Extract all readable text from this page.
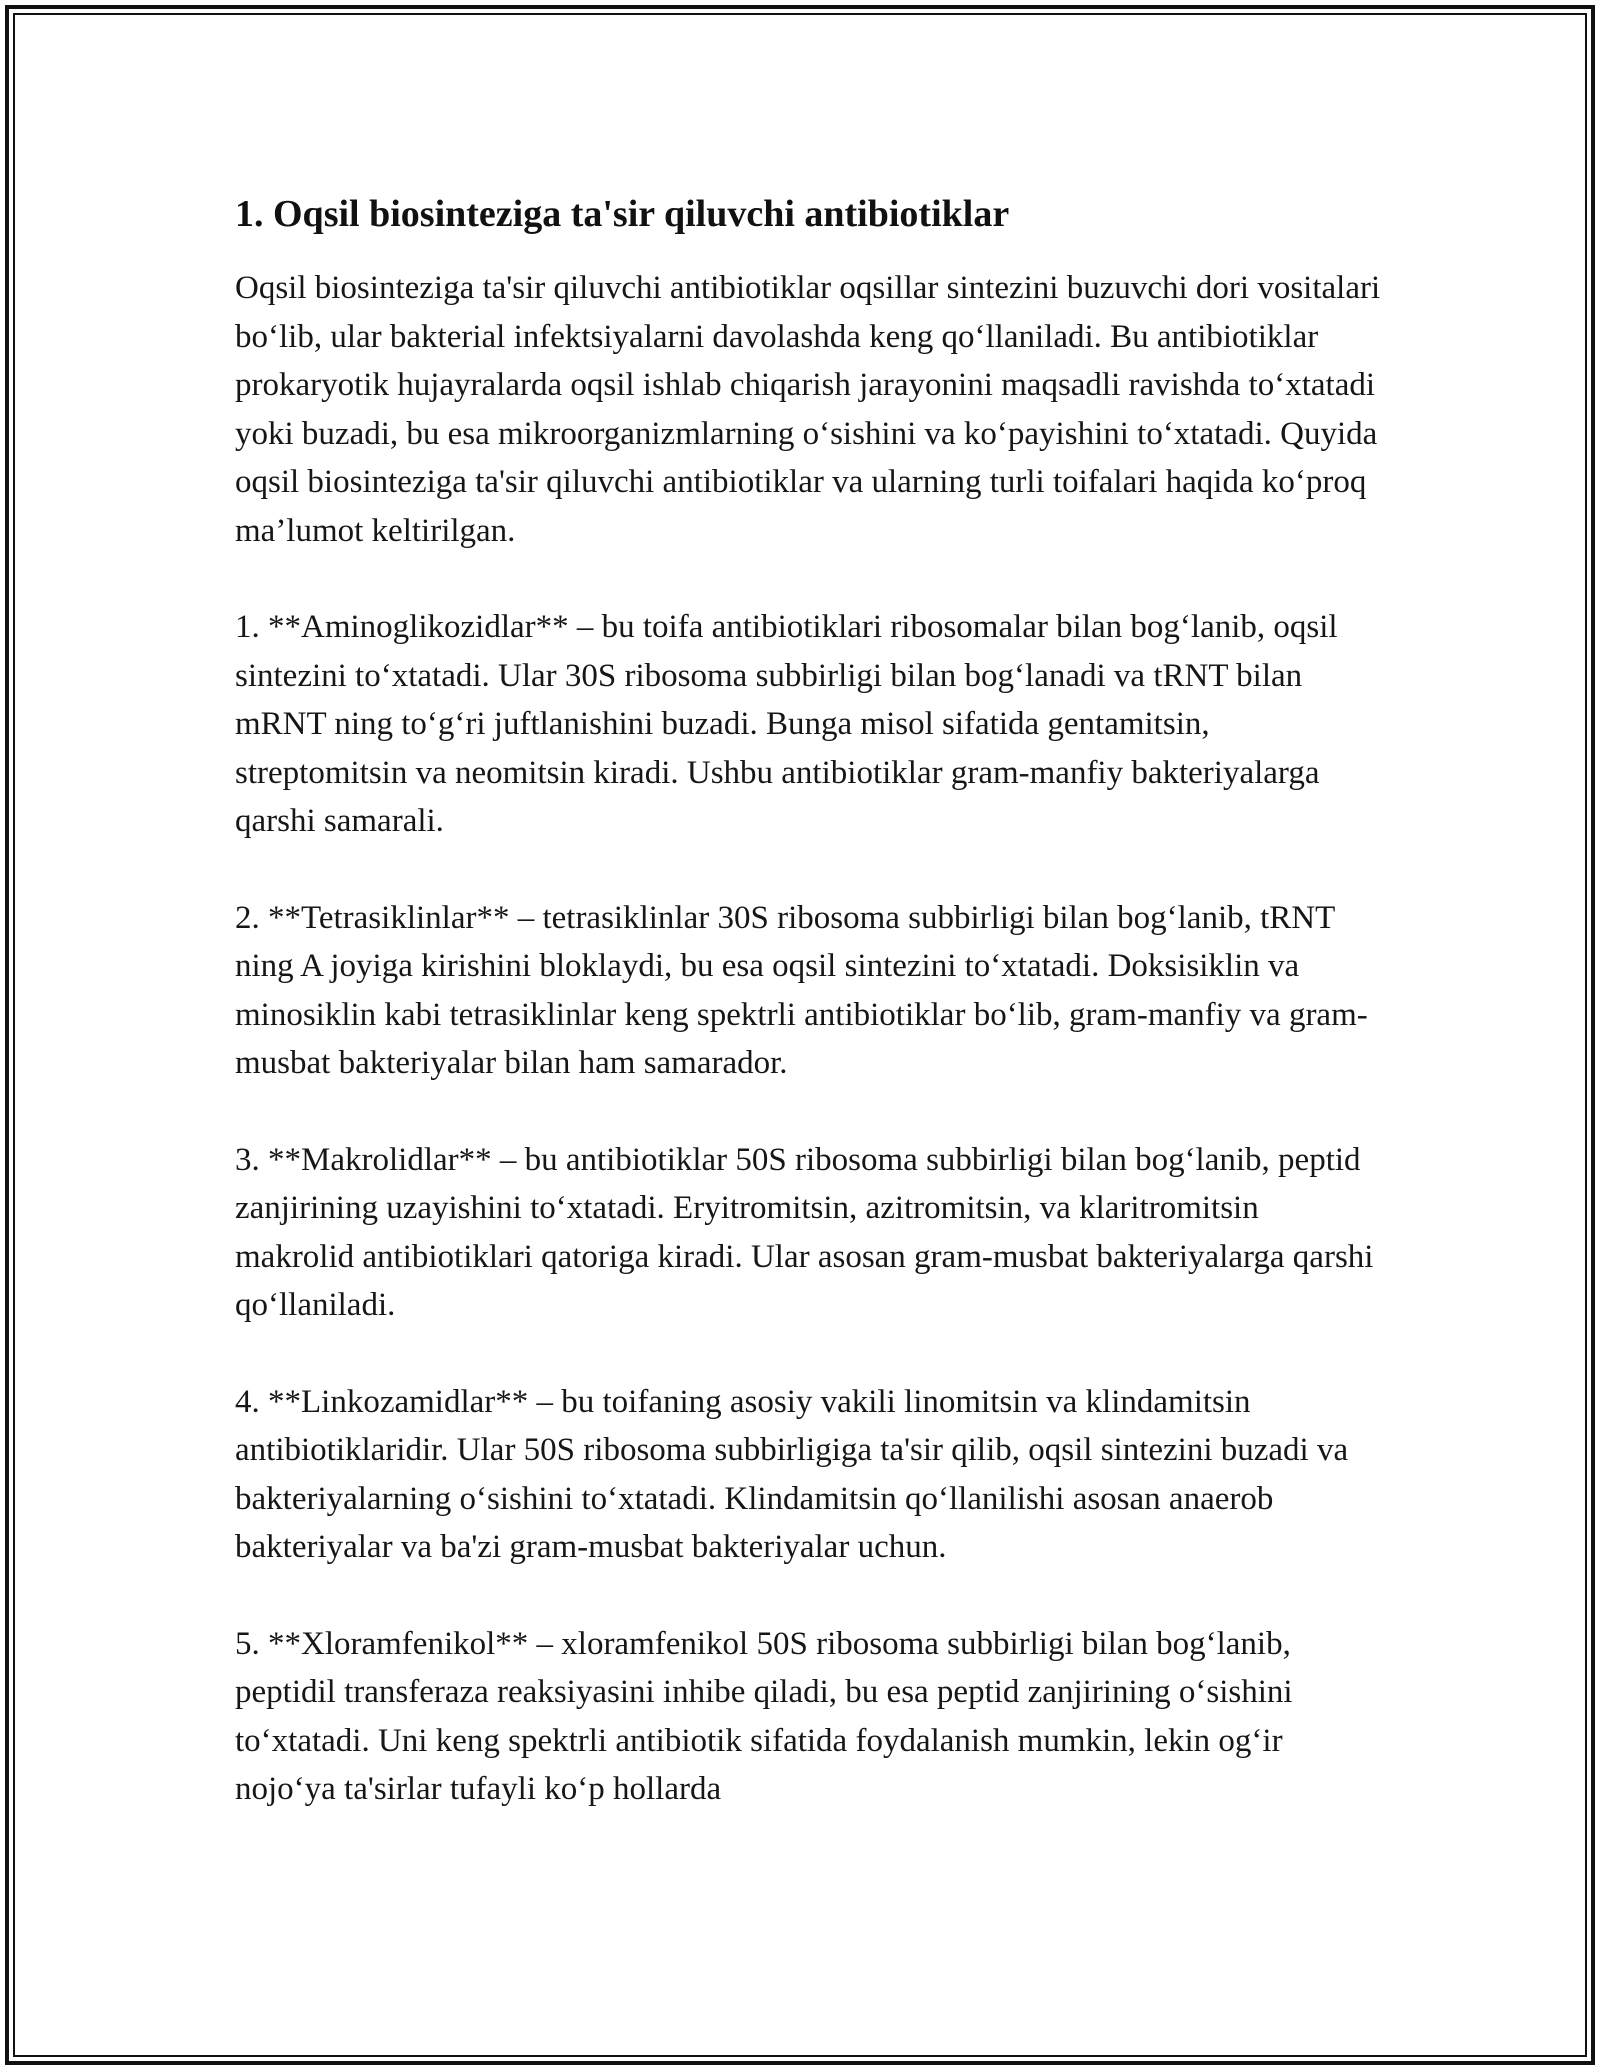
1. Oqsil biosinteziga ta'sir qiluvchi antibiotiklar

Oqsil biosinteziga ta'sir qiluvchi antibiotiklar oqsillar sintezini buzuvchi dori vositalari bo‘lib, ular bakterial infektsiyalarni davolashda keng qo‘llaniladi. Bu antibiotiklar prokaryotik hujayralarda oqsil ishlab chiqarish jarayonini maqsadli ravishda to‘xtatadi yoki buzadi, bu esa mikroorganizmlarning o‘sishini va ko‘payishini to‘xtatadi. Quyida oqsil biosinteziga ta'sir qiluvchi antibiotiklar va ularning turli toifalari haqida ko‘proq ma’lumot keltirilgan.

1. **Aminoglikozidlar** – bu toifa antibiotiklari ribosomalar bilan bog‘lanib, oqsil sintezini to‘xtatadi. Ular 30S ribosoma subbirligi bilan bog‘lanadi va tRNT bilan mRNT ning to‘g‘ri juftlanishini buzadi. Bunga misol sifatida gentamitsin, streptomitsin va neomitsin kiradi. Ushbu antibiotiklar gram-manfiy bakteriyalarga qarshi samarali.

2. **Tetrasiklinlar** – tetrasiklinlar 30S ribosoma subbirligi bilan bog‘lanib, tRNT ning A joyiga kirishini bloklaydi, bu esa oqsil sintezini to‘xtatadi. Doksisiklin va minosiklin kabi tetrasiklinlar keng spektrli antibiotiklar bo‘lib, gram-manfiy va gram-musbat bakteriyalar bilan ham samarador.

3. **Makrolidlar** – bu antibiotiklar 50S ribosoma subbirligi bilan bog‘lanib, peptid zanjirining uzayishini to‘xtatadi. Eryitromitsin, azitromitsin, va klaritromitsin makrolid antibiotiklari qatoriga kiradi. Ular asosan gram-musbat bakteriyalarga qarshi qo‘llaniladi.

4. **Linkozamidlar** – bu toifaning asosiy vakili linomitsin va klindamitsin antibiotiklaridir. Ular 50S ribosoma subbirligiga ta'sir qilib, oqsil sintezini buzadi va bakteriyalarning o‘sishini to‘xtatadi. Klindamitsin qo‘llanilishi asosan anaerob bakteriyalar va ba'zi gram-musbat bakteriyalar uchun.

5. **Xloramfenikol** – xloramfenikol 50S ribosoma subbirligi bilan bog‘lanib, peptidil transferaza reaksiyasini inhibe qiladi, bu esa peptid zanjirining o‘sishini to‘xtatadi. Uni keng spektrli antibiotik sifatida foydalanish mumkin, lekin og‘ir nojo‘ya ta'sirlar tufayli ko‘p hollarda
